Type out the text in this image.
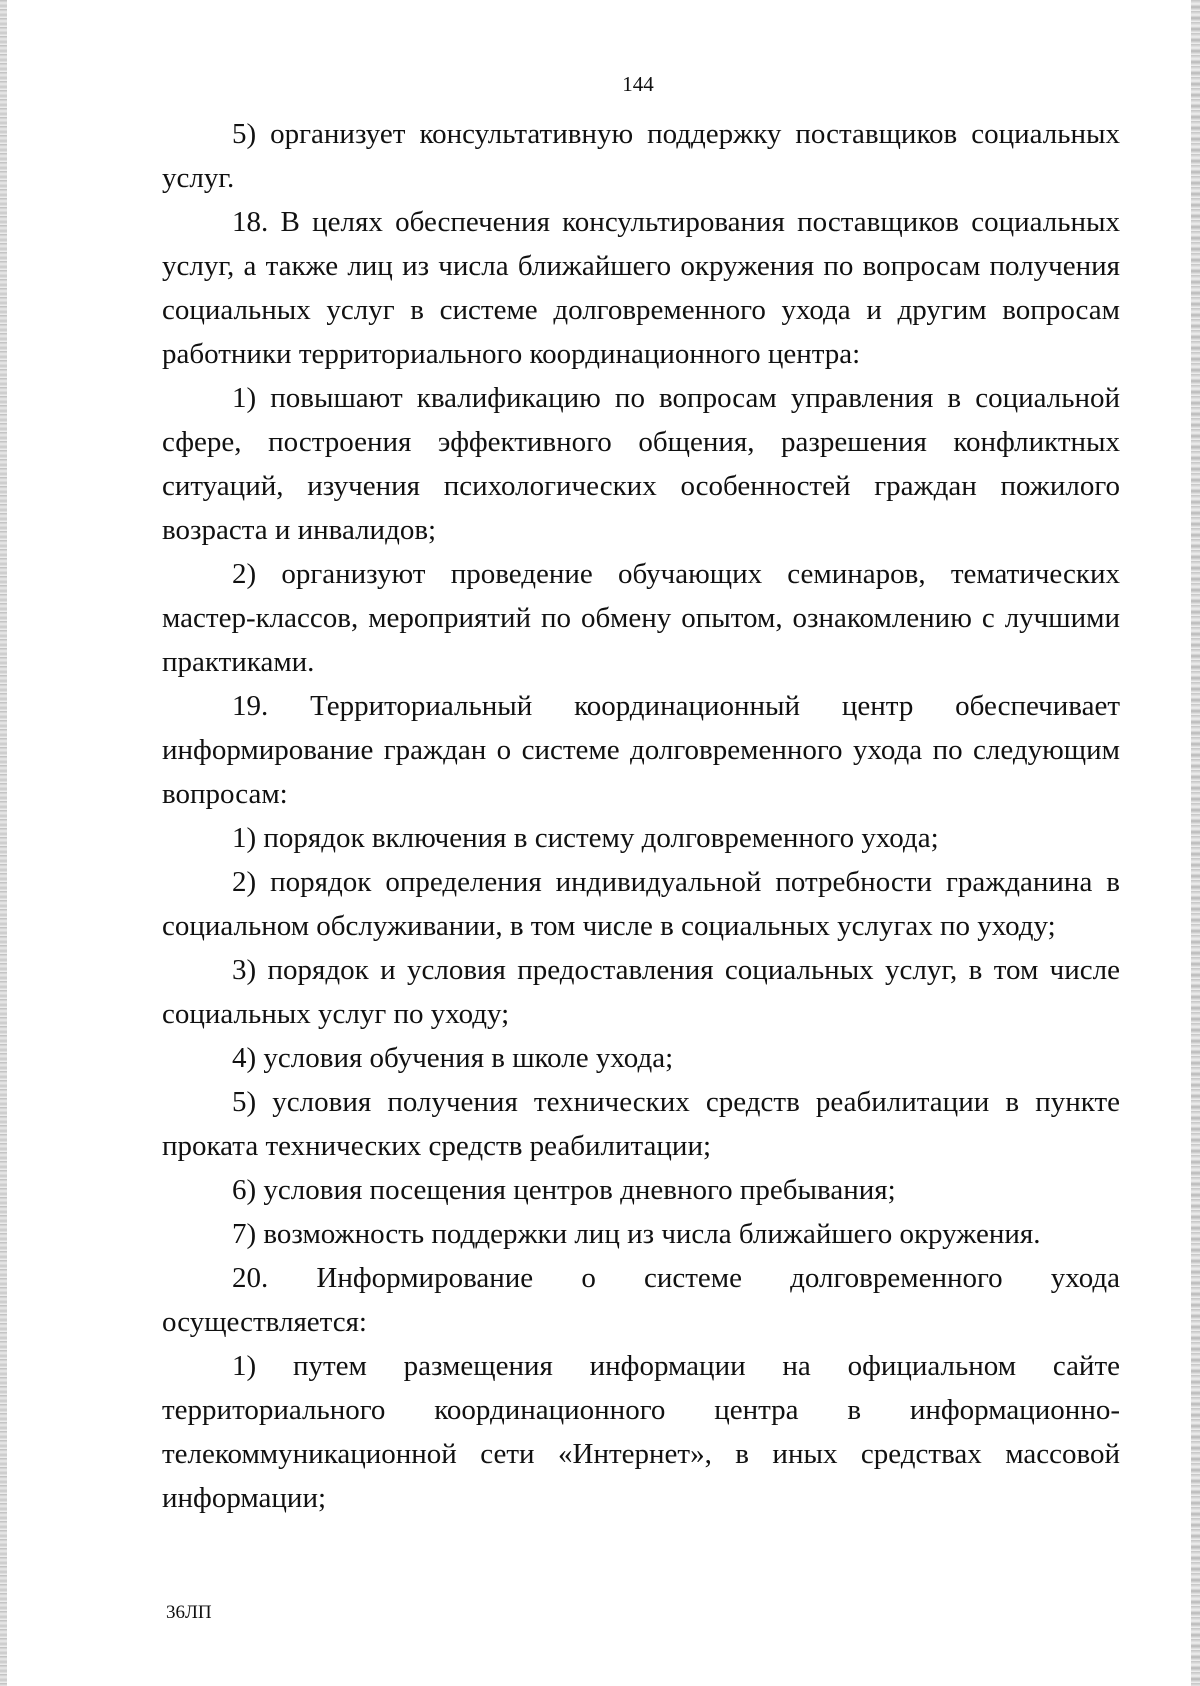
144

5) организует консультативную поддержку поставщиков социальных услуг.

18. В целях обеспечения консультирования поставщиков социальных услуг, а также лиц из числа ближайшего окружения по вопросам получения социальных услуг в системе долговременного ухода и другим вопросам работники территориального координационного центра:

1) повышают квалификацию по вопросам управления в социальной сфере, построения эффективного общения, разрешения конфликтных ситуаций, изучения психологических особенностей граждан пожилого возраста и инвалидов;

2) организуют проведение обучающих семинаров, тематических мастер-классов, мероприятий по обмену опытом, ознакомлению с лучшими практиками.

19. Территориальный координационный центр обеспечивает информирование граждан о системе долговременного ухода по следующим вопросам:

1) порядок включения в систему долговременного ухода;

2) порядок определения индивидуальной потребности гражданина в социальном обслуживании, в том числе в социальных услугах по уходу;

3) порядок и условия предоставления социальных услуг, в том числе социальных услуг по уходу;

4) условия обучения в школе ухода;

5) условия получения технических средств реабилитации в пункте проката технических средств реабилитации;

6) условия посещения центров дневного пребывания;

7) возможность поддержки лиц из числа ближайшего окружения.

20. Информирование о системе долговременного ухода осуществляется:

1) путем размещения информации на официальном сайте территориального координационного центра в информационно-телекоммуникационной сети «Интернет», в иных средствах массовой информации;

36ЛП
